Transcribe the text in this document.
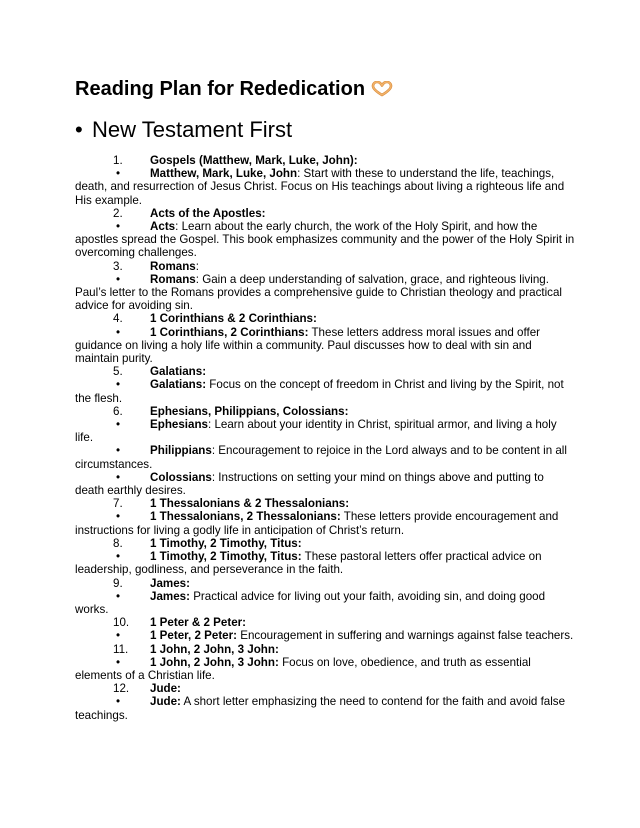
Reading Plan for Rededication
• New Testament First
1. Gospels (Matthew, Mark, Luke, John):
•	Matthew, Mark, Luke, John: Start with these to understand the life, teachings, death, and resurrection of Jesus Christ. Focus on His teachings about living a righteous life and His example.
2. Acts of the Apostles:
•	Acts: Learn about the early church, the work of the Holy Spirit, and how the apostles spread the Gospel. This book emphasizes community and the power of the Holy Spirit in overcoming challenges.
3. Romans:
•	Romans: Gain a deep understanding of salvation, grace, and righteous living. Paul’s letter to the Romans provides a comprehensive guide to Christian theology and practical advice for avoiding sin.
4. 1 Corinthians & 2 Corinthians:
•	1 Corinthians, 2 Corinthians: These letters address moral issues and offer guidance on living a holy life within a community. Paul discusses how to deal with sin and maintain purity.
5. Galatians:
•	Galatians: Focus on the concept of freedom in Christ and living by the Spirit, not the flesh.
6. Ephesians, Philippians, Colossians:
•	Ephesians: Learn about your identity in Christ, spiritual armor, and living a holy life.
•	Philippians: Encouragement to rejoice in the Lord always and to be content in all circumstances.
•	Colossians: Instructions on setting your mind on things above and putting to death earthly desires.
7. 1 Thessalonians & 2 Thessalonians:
•	1 Thessalonians, 2 Thessalonians: These letters provide encouragement and instructions for living a godly life in anticipation of Christ’s return.
8. 1 Timothy, 2 Timothy, Titus:
•	1 Timothy, 2 Timothy, Titus: These pastoral letters offer practical advice on leadership, godliness, and perseverance in the faith.
9. James:
•	James: Practical advice for living out your faith, avoiding sin, and doing good works.
10. 1 Peter & 2 Peter:
•	1 Peter, 2 Peter: Encouragement in suffering and warnings against false teachers.
11. 1 John, 2 John, 3 John:
•	1 John, 2 John, 3 John: Focus on love, obedience, and truth as essential elements of a Christian life.
12. Jude:
•	Jude: A short letter emphasizing the need to contend for the faith and avoid false teachings.
